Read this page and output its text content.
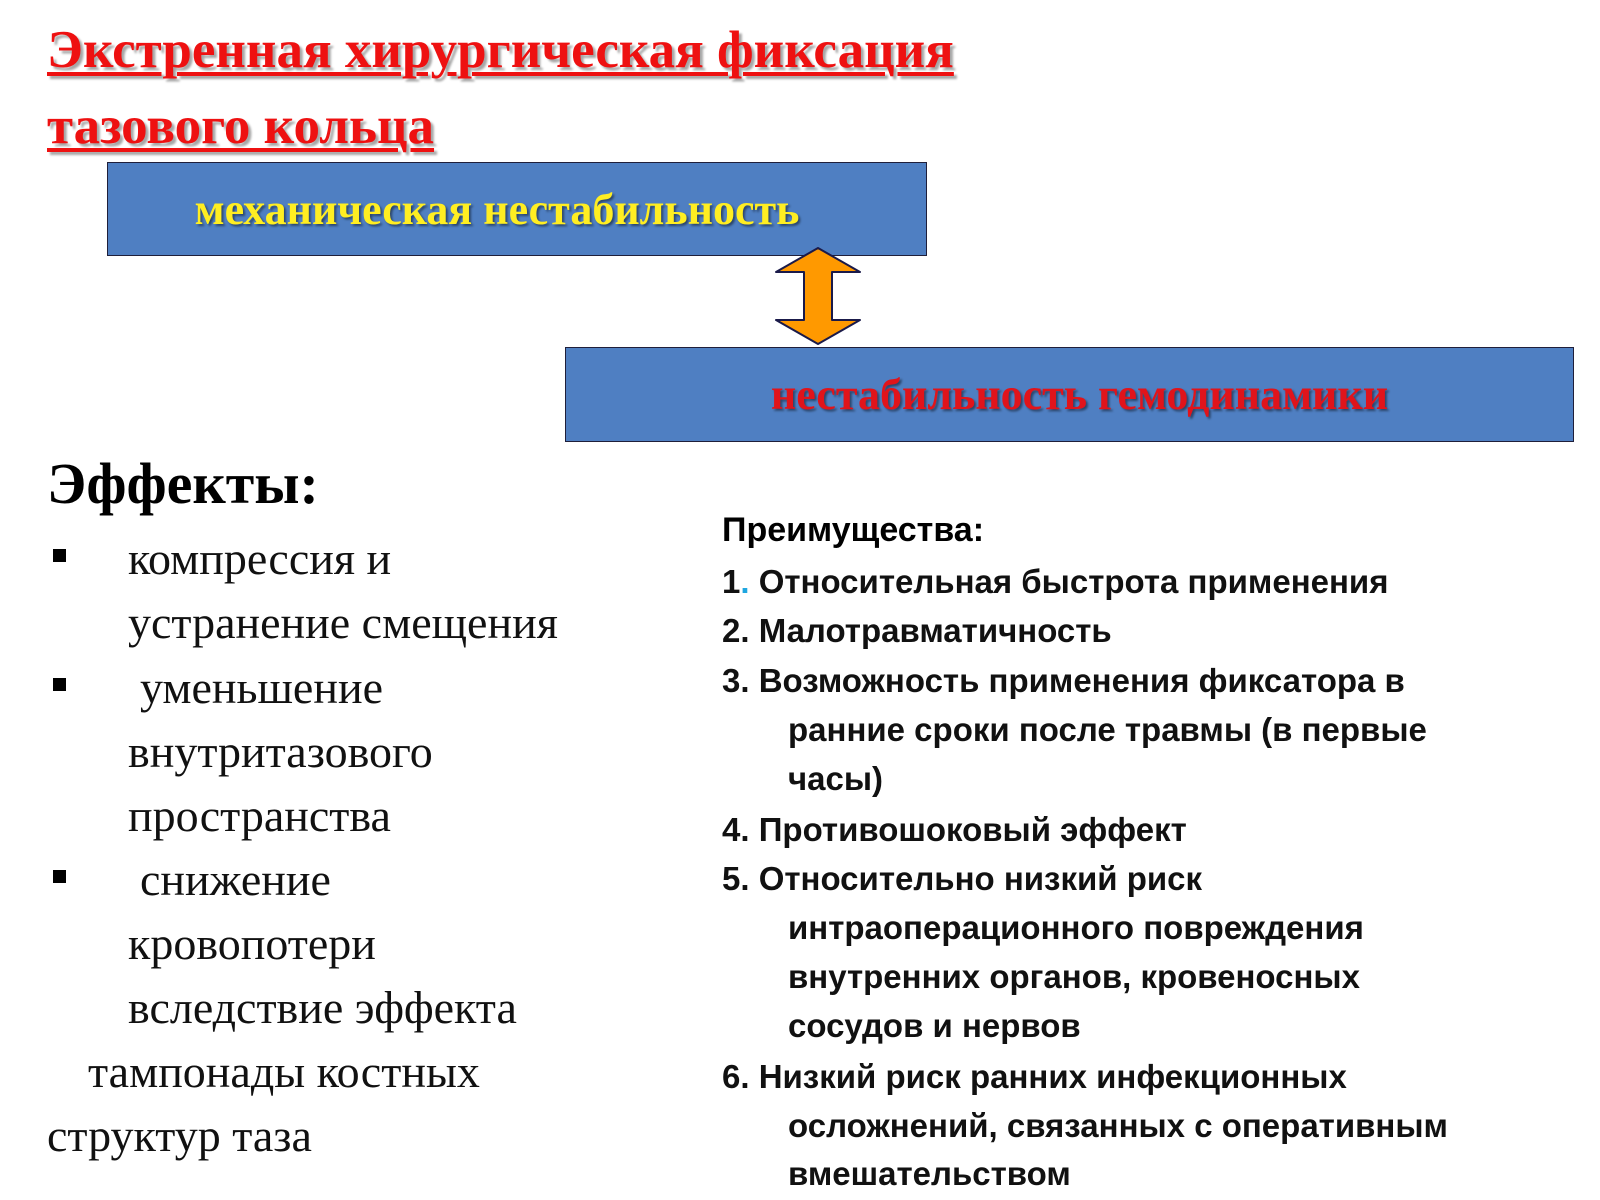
Экстренная хирургическая фиксация
тазового кольца
механическая нестабильность
нестабильность гемодинамики
Эффекты:

компрессия и

устранение смещения

уменьшение

внутритазового

пространства

снижение

кровопотери

вследствие эффекта

тампонады костных

структур таза

Преимущества:

1. Относительная быстрота применения

2. Малотравматичность

3. Возможность применения фиксатора в

ранние сроки после травмы (в первые

часы)

4. Противошоковый эффект

5. Относительно низкий риск

интраоперационного повреждения

внутренних органов, кровеносных

сосудов и нервов

6. Низкий риск ранних инфекционных

осложнений, связанных с оперативным

вмешательством
